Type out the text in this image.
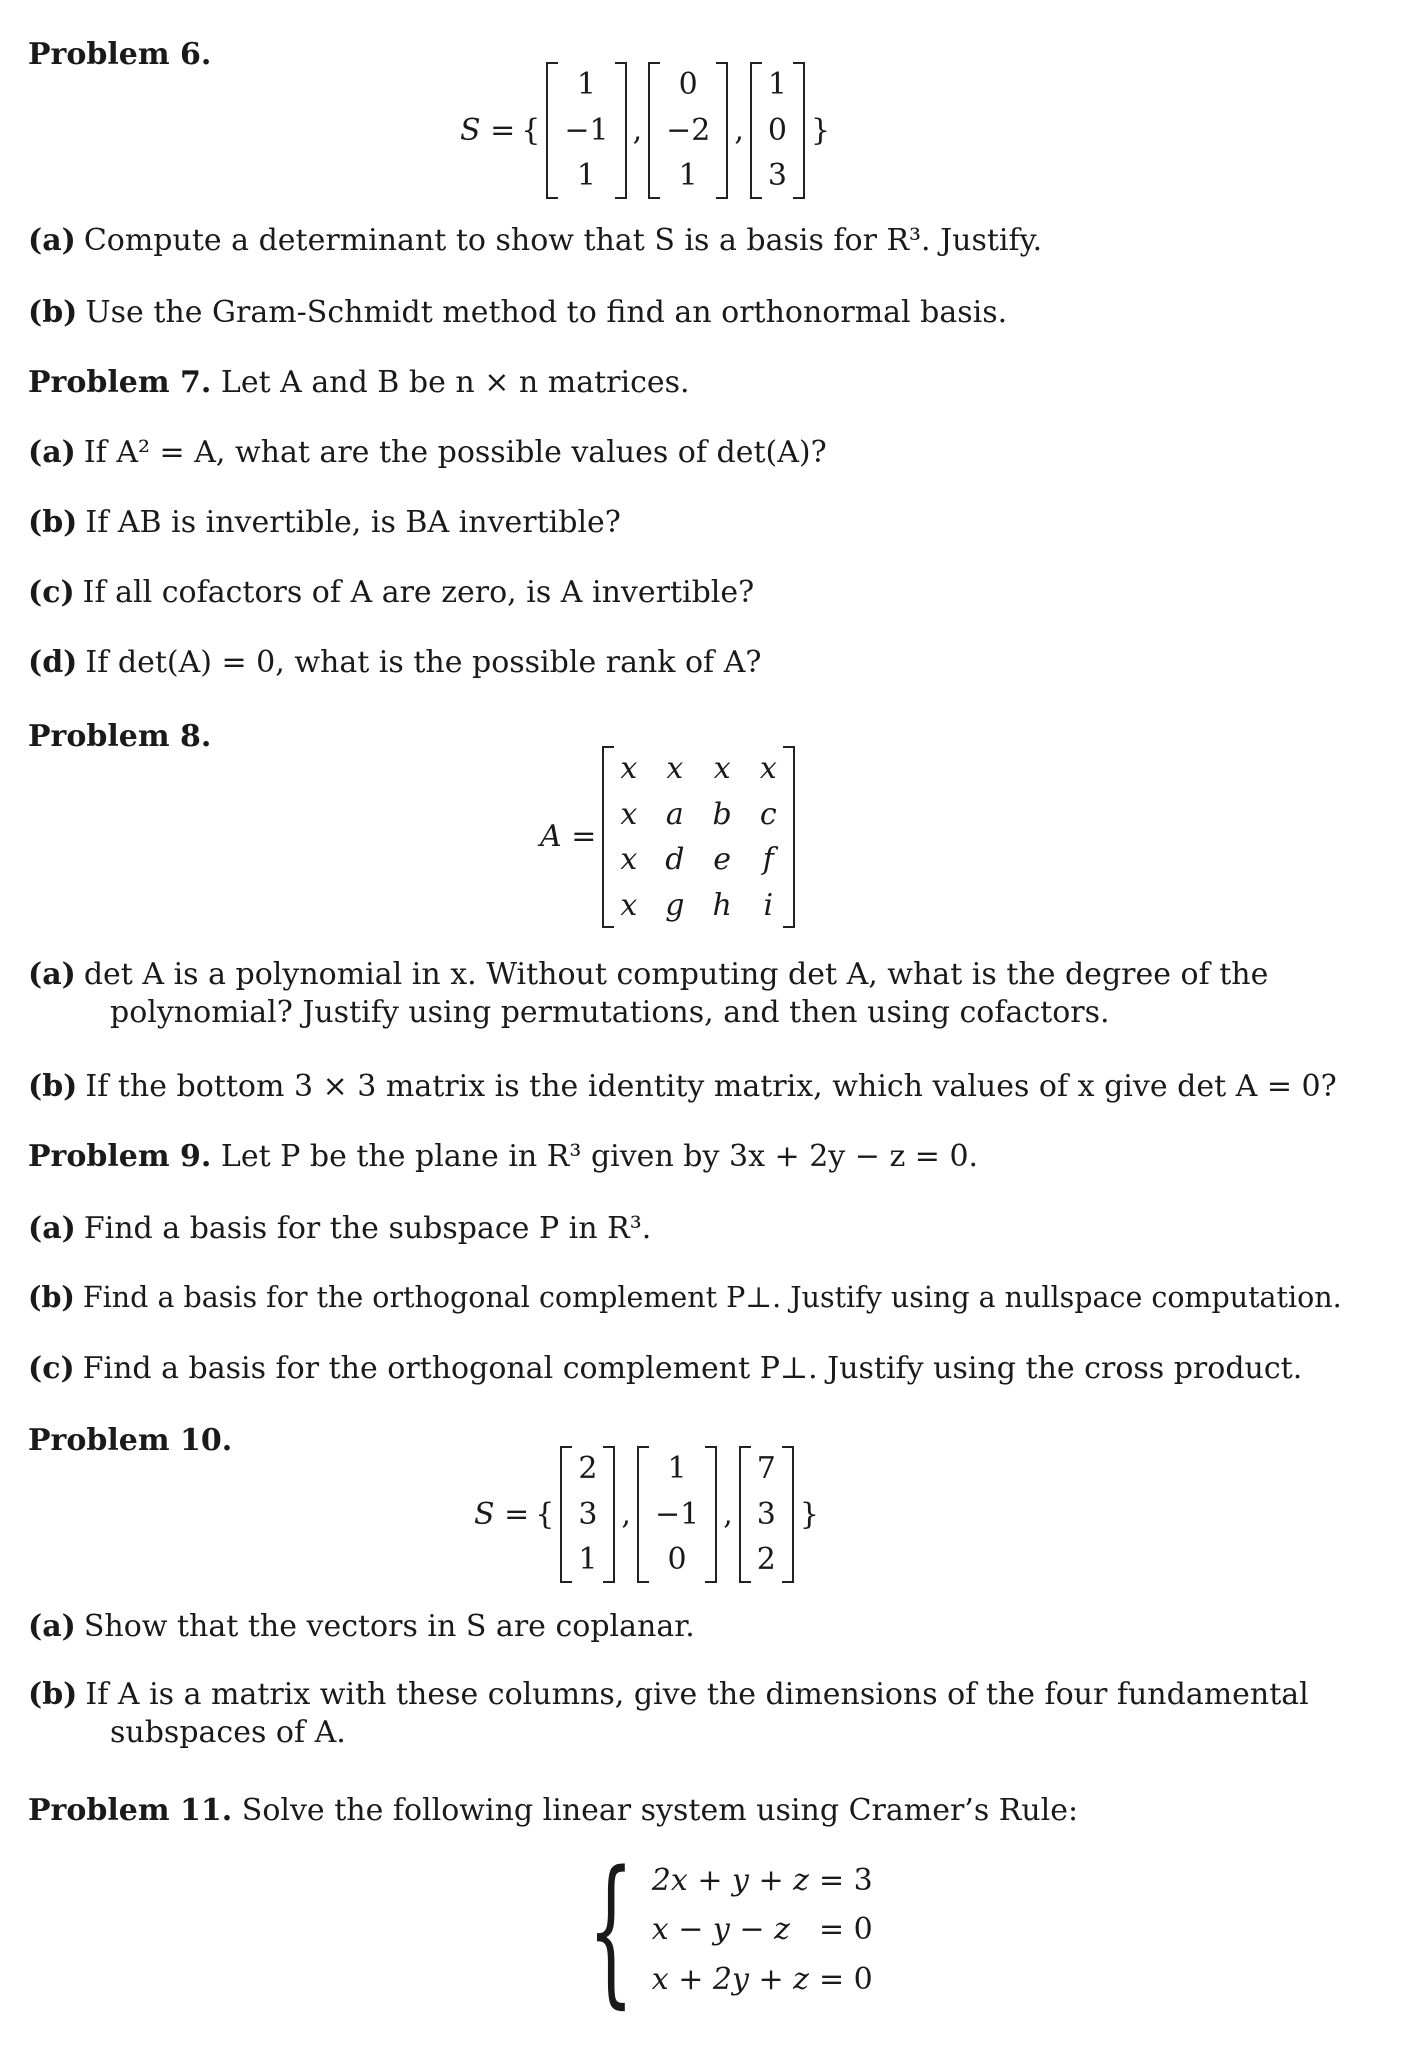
Problem 6.
S = {
1
−1
1
,
0
−2
1
,
1
0
3
}
(a) Compute a determinant to show that S is a basis for R³. Justify.
(b) Use the Gram-Schmidt method to find an orthonormal basis.
Problem 7. Let A and B be n × n matrices.
(a) If A² = A, what are the possible values of det(A)?
(b) If AB is invertible, is BA invertible?
(c) If all cofactors of A are zero, is A invertible?
(d) If det(A) = 0, what is the possible rank of A?
Problem 8.
A =
x	x	x	x
x	a	b	c
x	d	e	f
x	g	h	i
(a) det A is a polynomial in x. Without computing det A, what is the degree of the polynomial? Justify using permutations, and then using cofactors.
(b) If the bottom 3 × 3 matrix is the identity matrix, which values of x give det A = 0?
Problem 9. Let P be the plane in R³ given by 3x + 2y − z = 0.
(a) Find a basis for the subspace P in R³.
(b) Find a basis for the orthogonal complement P⊥. Justify using a nullspace computation.
(c) Find a basis for the orthogonal complement P⊥. Justify using the cross product.
Problem 10.
S = {
2
3
1
,
1
−1
0
,
7
3
2
}
(a) Show that the vectors in S are coplanar.
(b) If A is a matrix with these columns, give the dimensions of the four fundamental subspaces of A.
Problem 11. Solve the following linear system using Cramer’s Rule:
{ 2x + y + z	= 3
x − y − z	= 0
x + 2y + z	= 0
